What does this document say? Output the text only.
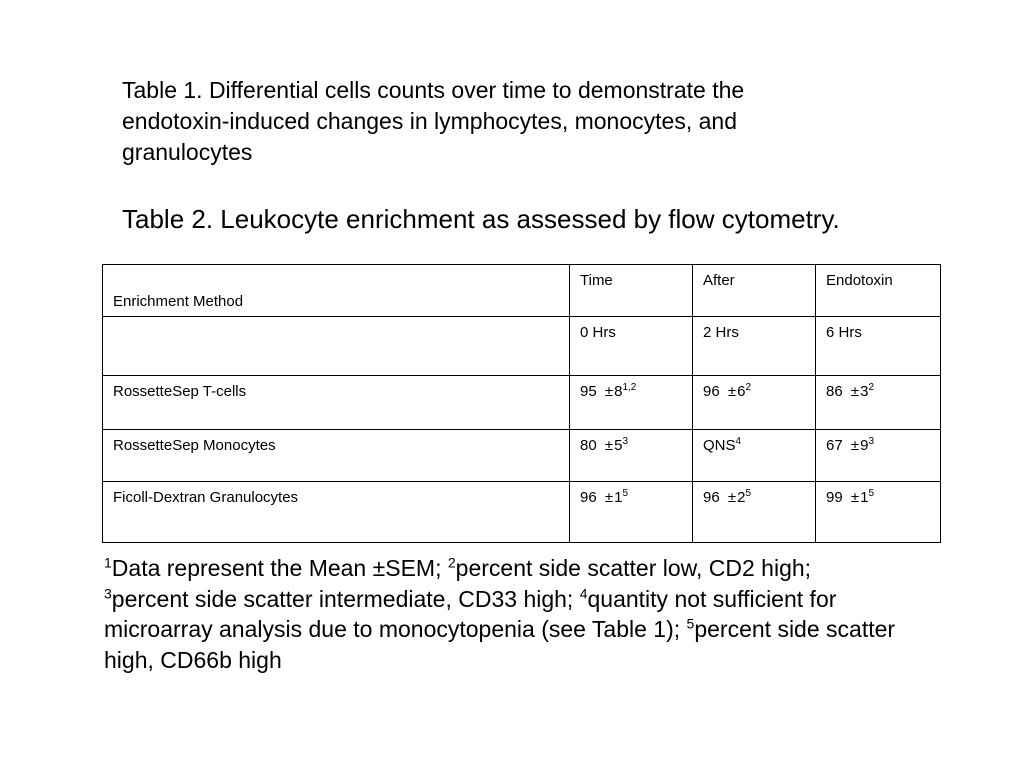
Table 1. Differential cells counts over time to demonstrate the endotoxin-induced changes in lymphocytes, monocytes, and granulocytes
Table 2. Leukocyte enrichment as assessed by flow cytometry.
Enrichment Method	Time	After	Endotoxin
	0 Hrs	2 Hrs	6 Hrs
RossetteSep T-cells	$95 \pm 8^{1,2}$	$96 \pm 6^2$	$86 \pm 3^2$
RossetteSep Monocytes	$80 \pm 5^3$	QNS$^4$	$67 \pm 9^3$
Ficoll-Dextran Granulocytes	$96 \pm 1^5$	$96 \pm 2^5$	$99 \pm 1^5$
$^1$Data represent the Mean ±SEM; $^2$percent side scatter low, CD2 high;
$^3$percent side scatter intermediate, CD33 high; $^4$quantity not sufficient for microarray analysis due to monocytopenia (see Table 1); $^5$percent side scatter high, CD66b high
